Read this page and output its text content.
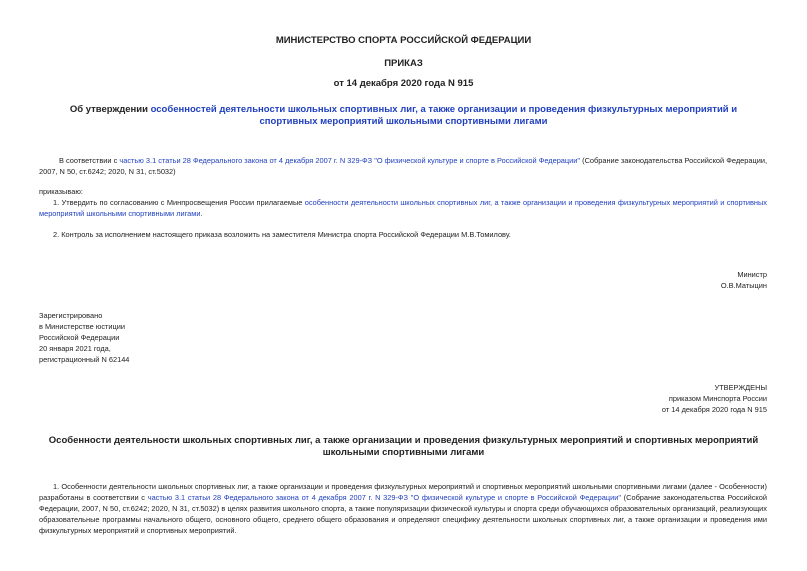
МИНИСТЕРСТВО СПОРТА РОССИЙСКОЙ ФЕДЕРАЦИИ
ПРИКАЗ
от 14 декабря 2020 года N 915
Об утверждении особенностей деятельности школьных спортивных лиг, а также организации и проведения физкультурных мероприятий и спортивных мероприятий школьными спортивными лигами
В соответствии с частью 3.1 статьи 28 Федерального закона от 4 декабря 2007 г. N 329-ФЗ "О физической культуре и спорте в Российской Федерации" (Собрание законодательства Российской Федерации, 2007, N 50, ст.6242; 2020, N 31, ст.5032)
приказываю:
1. Утвердить по согласованию с Минпросвещения России прилагаемые особенности деятельности школьных спортивных лиг, а также организации и проведения физкультурных мероприятий и спортивных мероприятий школьными спортивными лигами.
2. Контроль за исполнением настоящего приказа возложить на заместителя Министра спорта Российской Федерации М.В.Томилову.
Министр
О.В.Матыцин
Зарегистрировано
в Министерстве юстиции
Российской Федерации
20 января 2021 года,
регистрационный N 62144
УТВЕРЖДЕНЫ
приказом Минспорта России
от 14 декабря 2020 года N 915
Особенности деятельности школьных спортивных лиг, а также организации и проведения физкультурных мероприятий и спортивных мероприятий школьными спортивными лигами
1. Особенности деятельности школьных спортивных лиг, а также организации и проведения физкультурных мероприятий и спортивных мероприятий школьными спортивными лигами (далее - Особенности) разработаны в соответствии с частью 3.1 статьи 28 Федерального закона от 4 декабря 2007 г. N 329-ФЗ "О физической культуре и спорте в Российской Федерации" (Собрание законодательства Российской Федерации, 2007, N 50, ст.6242; 2020, N 31, ст.5032) в целях развития школьного спорта, а также популяризации физической культуры и спорта среди обучающихся образовательных организаций, реализующих образовательные программы начального общего, основного общего, среднего общего образования и определяют специфику деятельности школьных спортивных лиг, а также организации и проведения ими физкультурных мероприятий и спортивных мероприятий.
